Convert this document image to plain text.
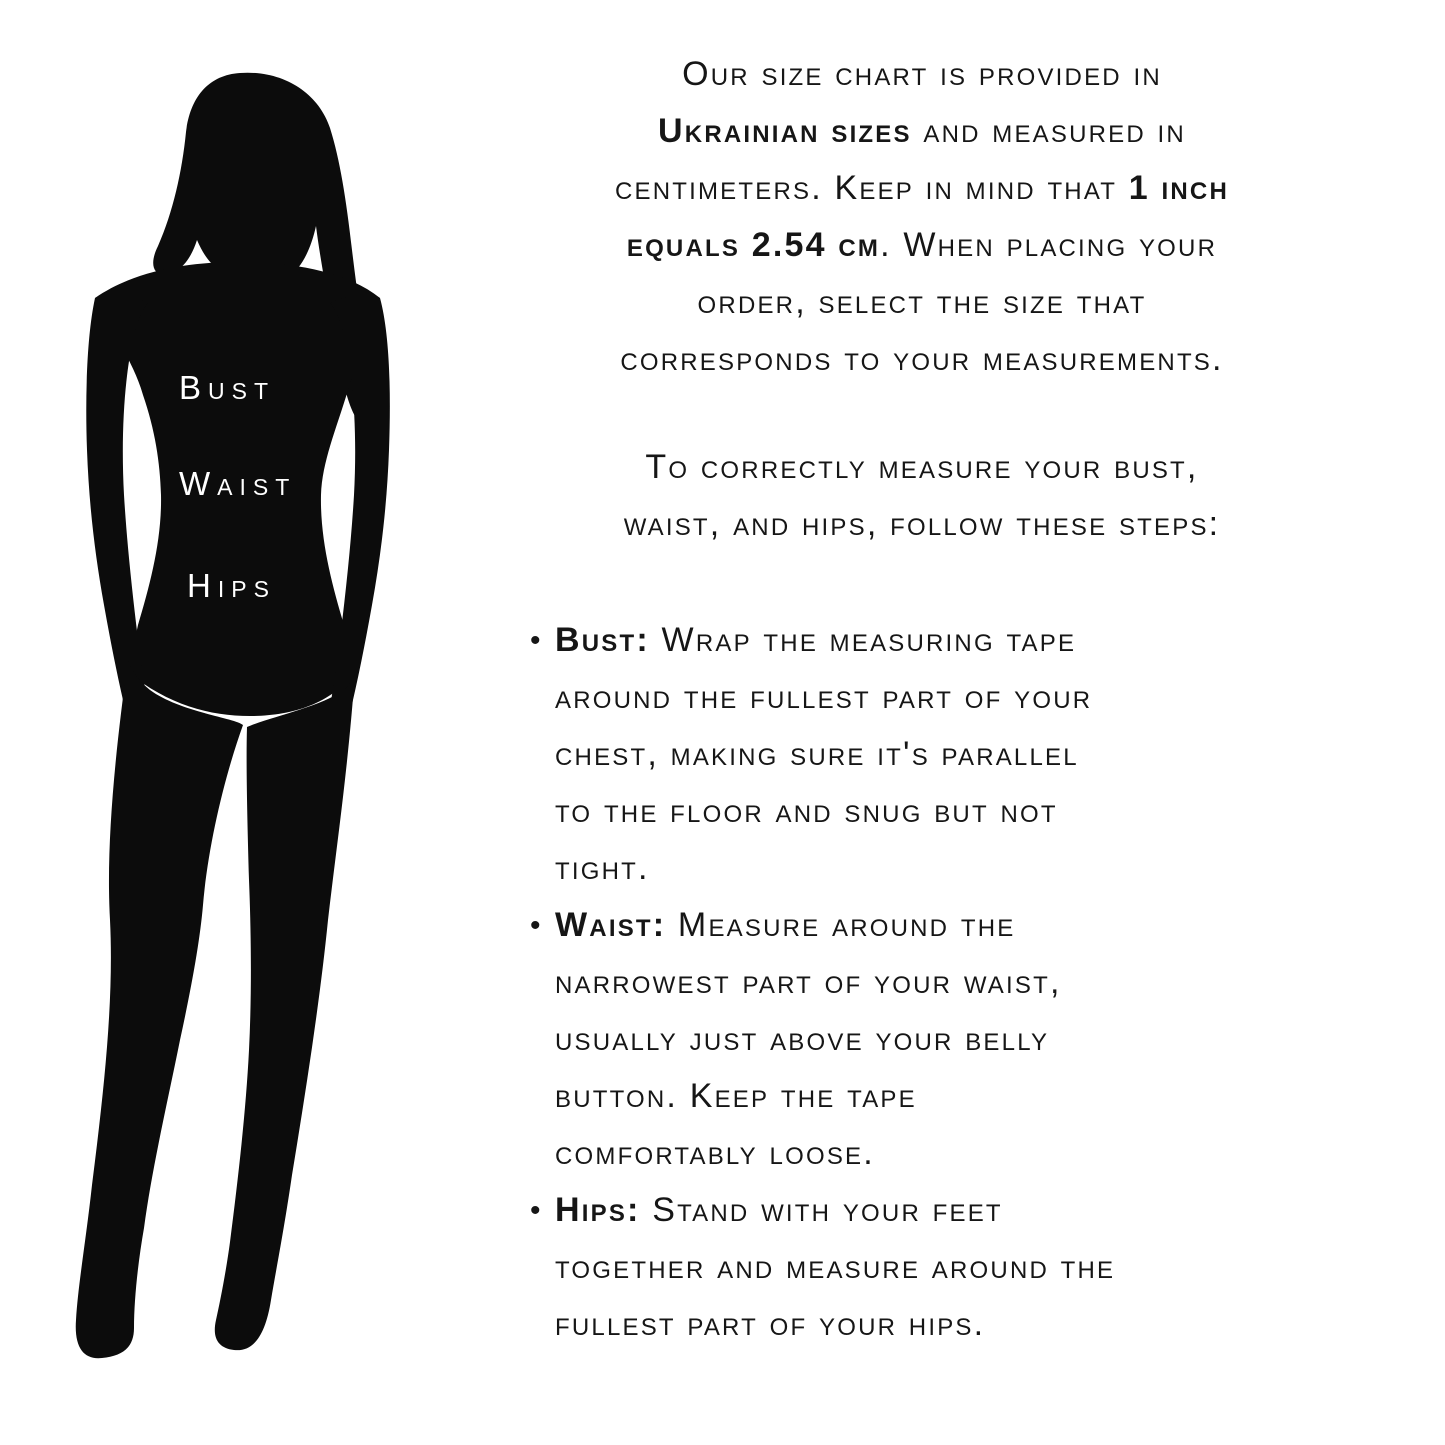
Bust
Waist
Hips
Our size chart is provided in
Ukrainian sizes and measured in
centimeters. Keep in mind that 1 inch
equals 2.54 cm. When placing your
order, select the size that
corresponds to your measurements.
To correctly measure your bust,
waist, and hips, follow these steps:
• Bust: Wrap the measuring tape
around the fullest part of your
chest, making sure it's parallel
to the floor and snug but not
tight.
• Waist: Measure around the
narrowest part of your waist,
usually just above your belly
button. Keep the tape
comfortably loose.
• Hips: Stand with your feet
together and measure around the
fullest part of your hips.
